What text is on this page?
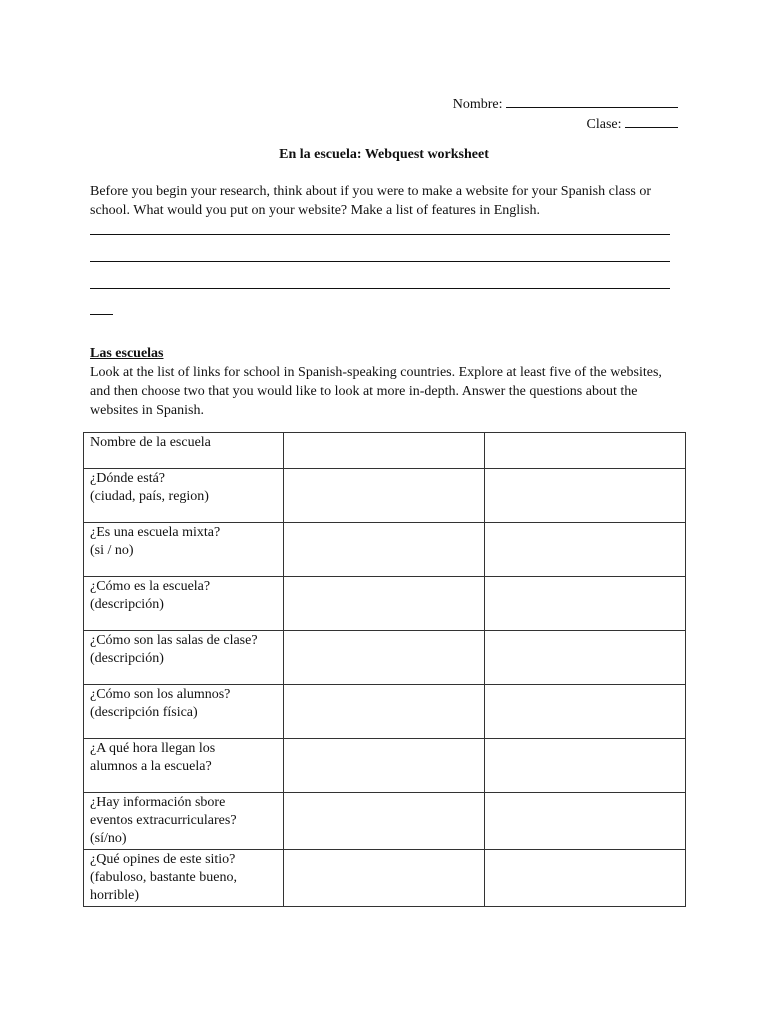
Nombre:
Clase:
En la escuela: Webquest worksheet
Before you begin your research, think about if you were to make a website for your Spanish class or school. What would you put on your website? Make a list of features in English.
Las escuelas
Look at the list of links for school in Spanish-speaking countries. Explore at least five of the websites, and then choose two that you would like to look at more in-depth. Answer the questions about the websites in Spanish.
Nombre de la escuela		

¿Dónde está?
(ciudad, país, region)		

¿Es una escuela mixta?
(si / no)		

¿Cómo es la escuela?
(descripción)		

¿Cómo son las salas de clase?
(descripción)		

¿Cómo son los alumnos?
(descripción física)		

¿A qué hora llegan los
alumnos a la escuela?		

¿Hay información sbore
eventos extracurriculares?
(sí/no)		

¿Qué opines de este sitio?
(fabuloso, bastante bueno,
horrible)		
